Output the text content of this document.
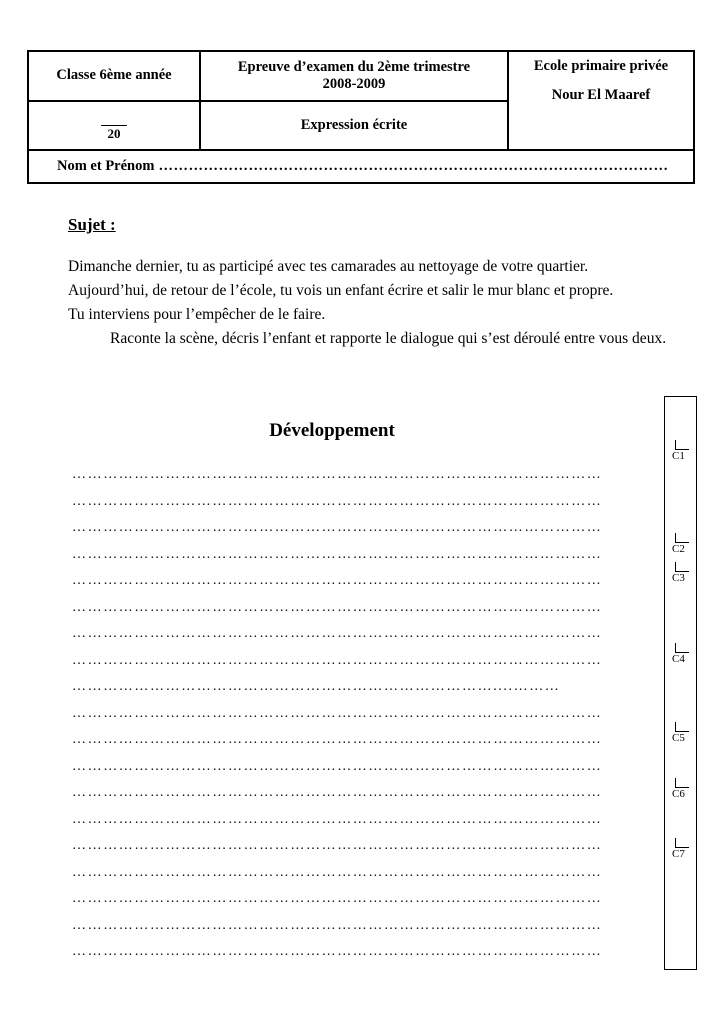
Classe 6ème année
Epreuve d’examen du 2ème trimestre
2008-2009
Ecole primaire privée
Nour El Maaref
20
Expression écrite
Nom et Prénom …………………………………………………………………………………………
Sujet :

Dimanche dernier, tu as participé avec tes camarades au nettoyage de votre quartier. Aujourd’hui, de retour de l’école, tu vois un enfant écrire et salir le mur blanc et propre.

Tu interviens pour l’empêcher de le faire.

Raconte la scène, décris l’enfant et rapporte le dialogue qui s’est déroulé entre vous deux.

Développement
…………………………………………………………………………………………
…………………………………………………………………………………………
…………………………………………………………………………………………
…………………………………………………………………………………………
…………………………………………………………………………………………
…………………………………………………………………………………………
…………………………………………………………………………………………
…………………………………………………………………………………………
………………………………………………………………………....………
…………………………………………………………………………………………
…………………………………………………………………………………………
…………………………………………………………………………………………
…………………………………………………………………………………………
…………………………………………………………………………………………
…………………………………………………………………………………………
…………………………………………………………………………………………
…………………………………………………………………………………………
…………………………………………………………………………………………
…………………………………………………………………………………………
C1
C2
C3
C4
C5
C6
C7
